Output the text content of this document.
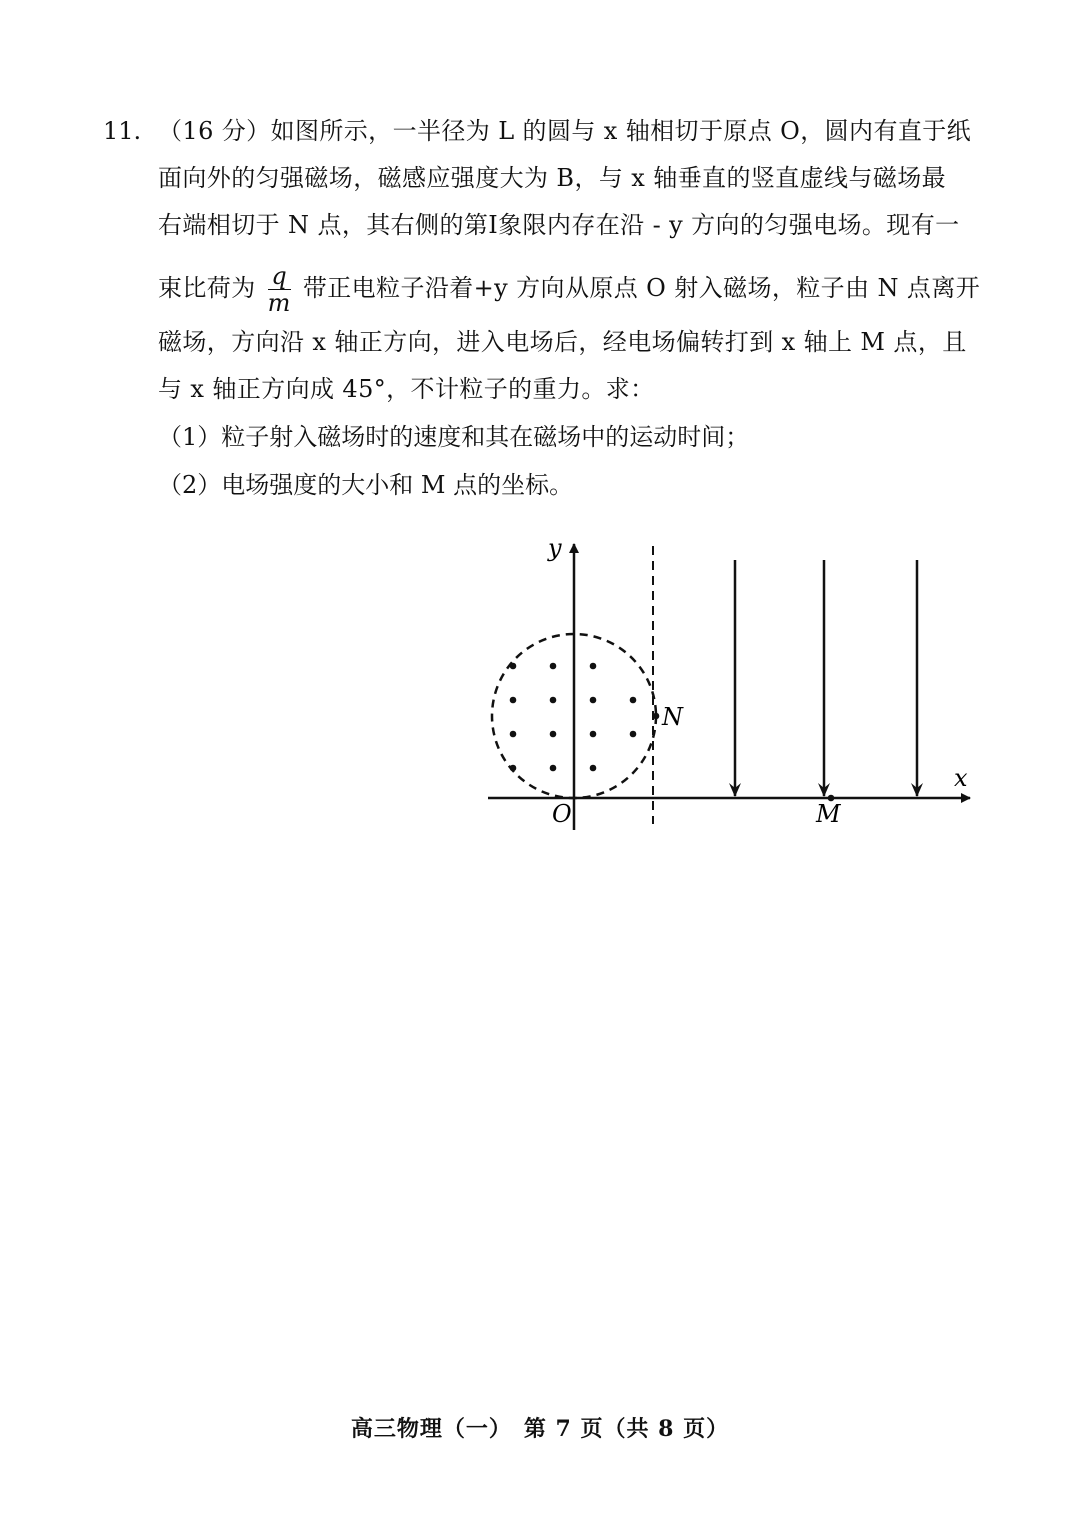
11. （16 分）如图所示，一半径为 L 的圆与 x 轴相切于原点 O，圆内有直于纸
面向外的匀强磁场，磁感应强度大为 B，与 x 轴垂直的竖直虚线与磁场最
右端相切于 N 点，其右侧的第Ⅰ象限内存在沿 - y 方向的匀强电场。现有一
束比荷为 $\frac{q}{m}$ 带正电粒子沿着+y 方向从原点 O 射入磁场，粒子由 N 点离开
磁场，方向沿 x 轴正方向，进入电场后，经电场偏转打到 x 轴上 M 点，且
与 x 轴正方向成 45°，不计粒子的重力。求：
（1）粒子射入磁场时的速度和其在磁场中的运动时间；
（2）电场强度的大小和 M 点的坐标。
y
x
O
N
M
高三物理（一）　第 7 页（共 8 页）
